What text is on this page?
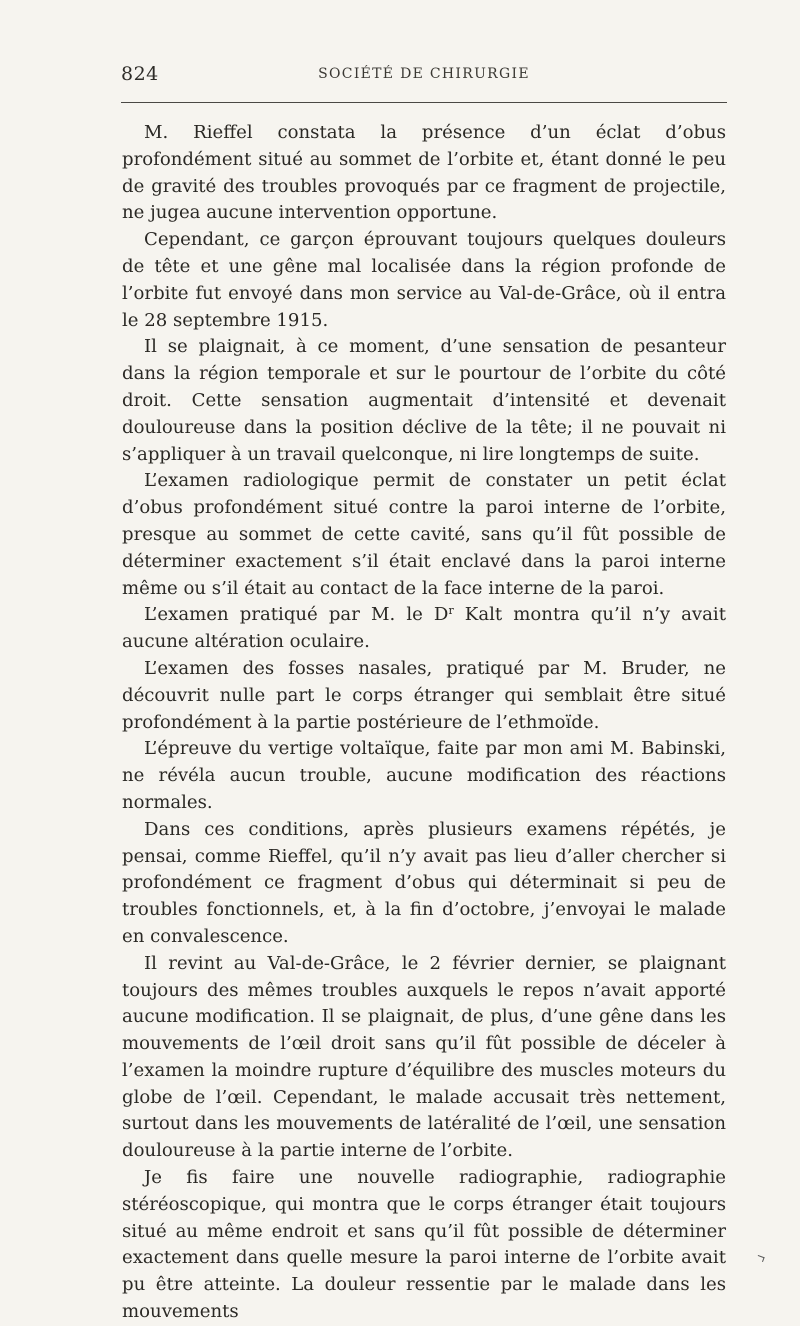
824	SOCIÉTÉ DE CHIRURGIE

M. Rieffel constata la présence d’un éclat d’obus profondément situé au sommet de l’orbite et, étant donné le peu de gravité des troubles provoqués par ce fragment de projectile, ne jugea aucune intervention opportune.

Cependant, ce garçon éprouvant toujours quelques douleurs de tête et une gêne mal localisée dans la région profonde de l’orbite fut envoyé dans mon service au Val-de-Grâce, où il entra le 28 septembre 1915.

Il se plaignait, à ce moment, d’une sensation de pesanteur dans la région temporale et sur le pourtour de l’orbite du côté droit. Cette sensation augmentait d’intensité et devenait douloureuse dans la position déclive de la tête; il ne pouvait ni s’appliquer à un travail quelconque, ni lire longtemps de suite.

L’examen radiologique permit de constater un petit éclat d’obus profondément situé contre la paroi interne de l’orbite, presque au sommet de cette cavité, sans qu’il fût possible de déterminer exactement s’il était enclavé dans la paroi interne même ou s’il était au contact de la face interne de la paroi.

L’examen pratiqué par M. le $D^r$ Kalt montra qu’il n’y avait aucune altération oculaire.

L’examen des fosses nasales, pratiqué par M. Bruder, ne découvrit nulle part le corps étranger qui semblait être situé profondément à la partie postérieure de l’ethmoïde.

L’épreuve du vertige voltaïque, faite par mon ami M. Babinski, ne révéla aucun trouble, aucune modification des réactions normales.

Dans ces conditions, après plusieurs examens répétés, je pensai, comme Rieffel, qu’il n’y avait pas lieu d’aller chercher si profondément ce fragment d’obus qui déterminait si peu de troubles fonctionnels, et, à la fin d’octobre, j’envoyai le malade en convalescence.

Il revint au Val-de-Grâce, le 2 février dernier, se plaignant toujours des mêmes troubles auxquels le repos n’avait apporté aucune modification. Il se plaignait, de plus, d’une gêne dans les mouvements de l’œil droit sans qu’il fût possible de déceler à l’examen la moindre rupture d’équilibre des muscles moteurs du globe de l’œil. Cependant, le malade accusait très nettement, surtout dans les mouvements de latéralité de l’œil, une sensation douloureuse à la partie interne de l’orbite.

Je fis faire une nouvelle radiographie, radiographie stéréoscopique, qui montra que le corps étranger était toujours situé au même endroit et sans qu’il fût possible de déterminer exactement dans quelle mesure la paroi interne de l’orbite avait pu être atteinte. La douleur ressentie par le malade dans les mouvements
